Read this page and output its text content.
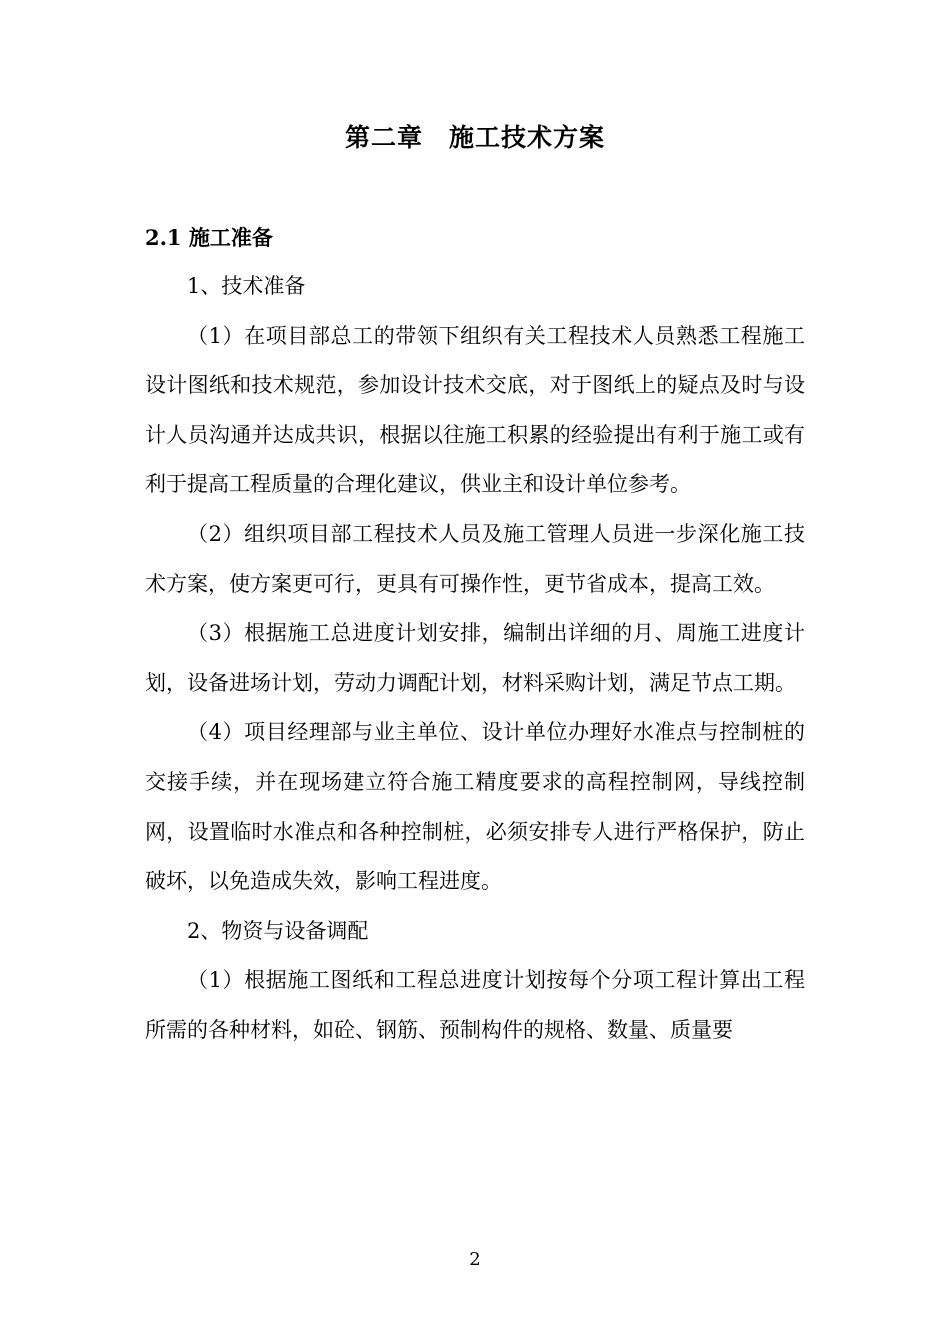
第二章　施工技术方案
2.1 施工准备

1、技术准备

（1）在项目部总工的带领下组织有关工程技术人员熟悉工程施工设计图纸和技术规范，参加设计技术交底，对于图纸上的疑点及时与设计人员沟通并达成共识，根据以往施工积累的经验提出有利于施工或有利于提高工程质量的合理化建议，供业主和设计单位参考。

（2）组织项目部工程技术人员及施工管理人员进一步深化施工技术方案，使方案更可行，更具有可操作性，更节省成本，提高工效。

（3）根据施工总进度计划安排，编制出详细的月、周施工进度计划，设备进场计划，劳动力调配计划，材料采购计划，满足节点工期。

（4）项目经理部与业主单位、设计单位办理好水准点与控制桩的交接手续，并在现场建立符合施工精度要求的高程控制网，导线控制网，设置临时水准点和各种控制桩，必须安排专人进行严格保护，防止破坏，以免造成失效，影响工程进度。

2、物资与设备调配

（1）根据施工图纸和工程总进度计划按每个分项工程计算出工程所需的各种材料，如砼、钢筋、预制构件的规格、数量、质量要

2
